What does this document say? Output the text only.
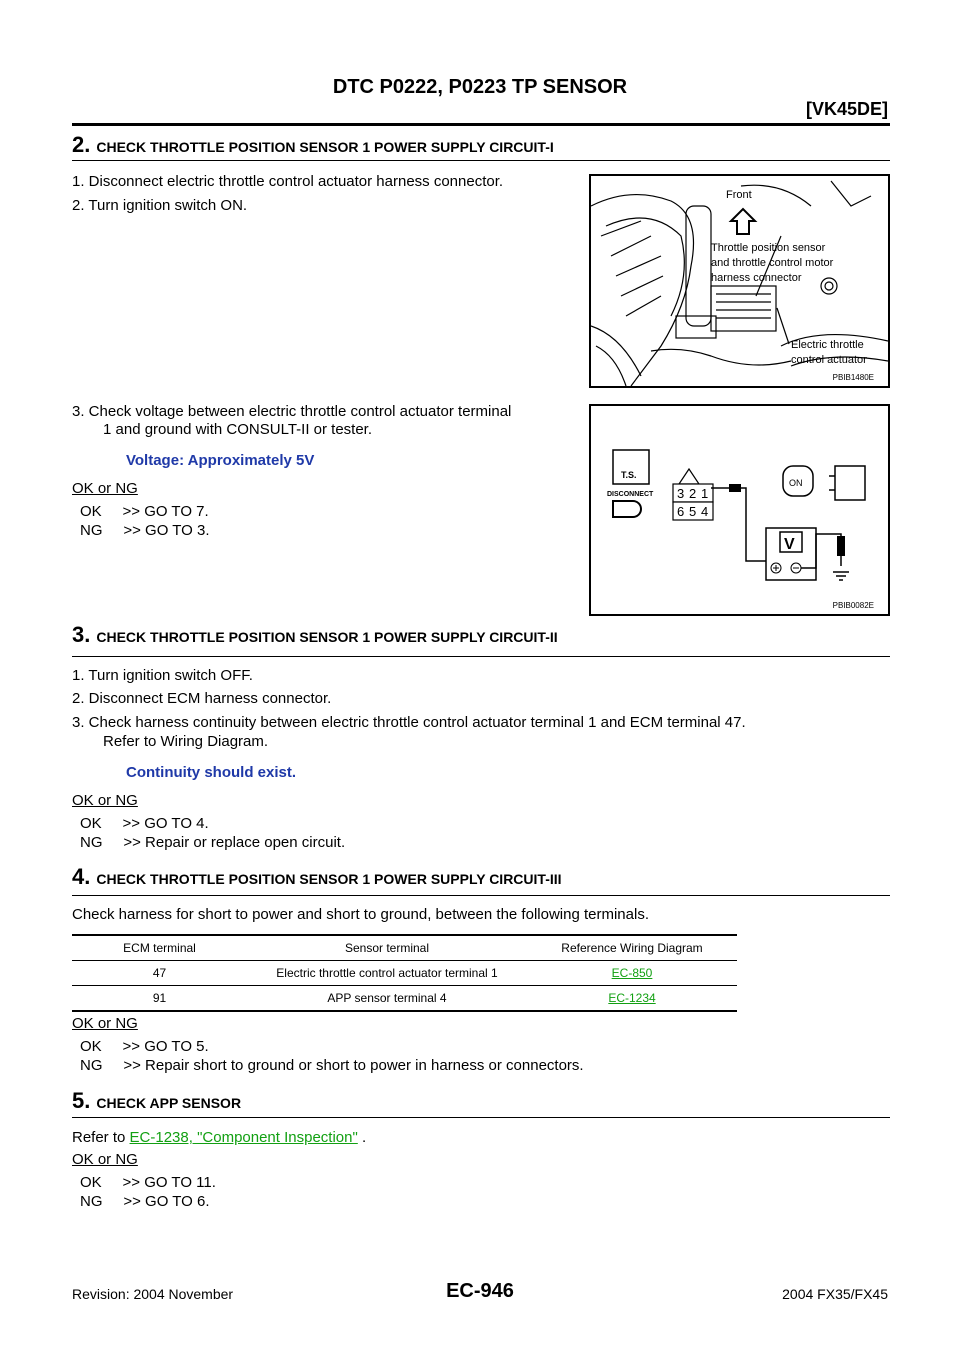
DTC P0222, P0223 TP SENSOR
[VK45DE]
2. CHECK THROTTLE POSITION SENSOR 1 POWER SUPPLY CIRCUIT-I
1. Disconnect electric throttle control actuator harness connector.
2. Turn ignition switch ON.
Front
Throttle position sensor
and throttle control motor
harness connector
Electric throttle
control actuator
PBIB1480E
3. Check voltage between electric throttle control actuator terminal
1 and ground with CONSULT-II or tester.
Voltage: Approximately 5V
OK or NG
OK     >> GO TO 7.
NG     >> GO TO 3.
T.S.
DISCONNECT 3 2 1
6 5 4
V
ON
PBIB0082E
3. CHECK THROTTLE POSITION SENSOR 1 POWER SUPPLY CIRCUIT-II
1. Turn ignition switch OFF.
2. Disconnect ECM harness connector.
3. Check harness continuity between electric throttle control actuator terminal 1 and ECM terminal 47.
Refer to Wiring Diagram.
Continuity should exist.
OK or NG
OK     >> GO TO 4.
NG     >> Repair or replace open circuit.
4. CHECK THROTTLE POSITION SENSOR 1 POWER SUPPLY CIRCUIT-III
Check harness for short to power and short to ground, between the following terminals.
ECM terminal	Sensor terminal	Reference Wiring Diagram
47	Electric throttle control actuator terminal 1	EC-850
91	APP sensor terminal 4	EC-1234
OK or NG
OK     >> GO TO 5.
NG     >> Repair short to ground or short to power in harness or connectors.
5. CHECK APP SENSOR
Refer to EC-1238, "Component Inspection" .
OK or NG
OK     >> GO TO 11.
NG     >> GO TO 6.
Revision: 2004 November	EC-946	2004 FX35/FX45
